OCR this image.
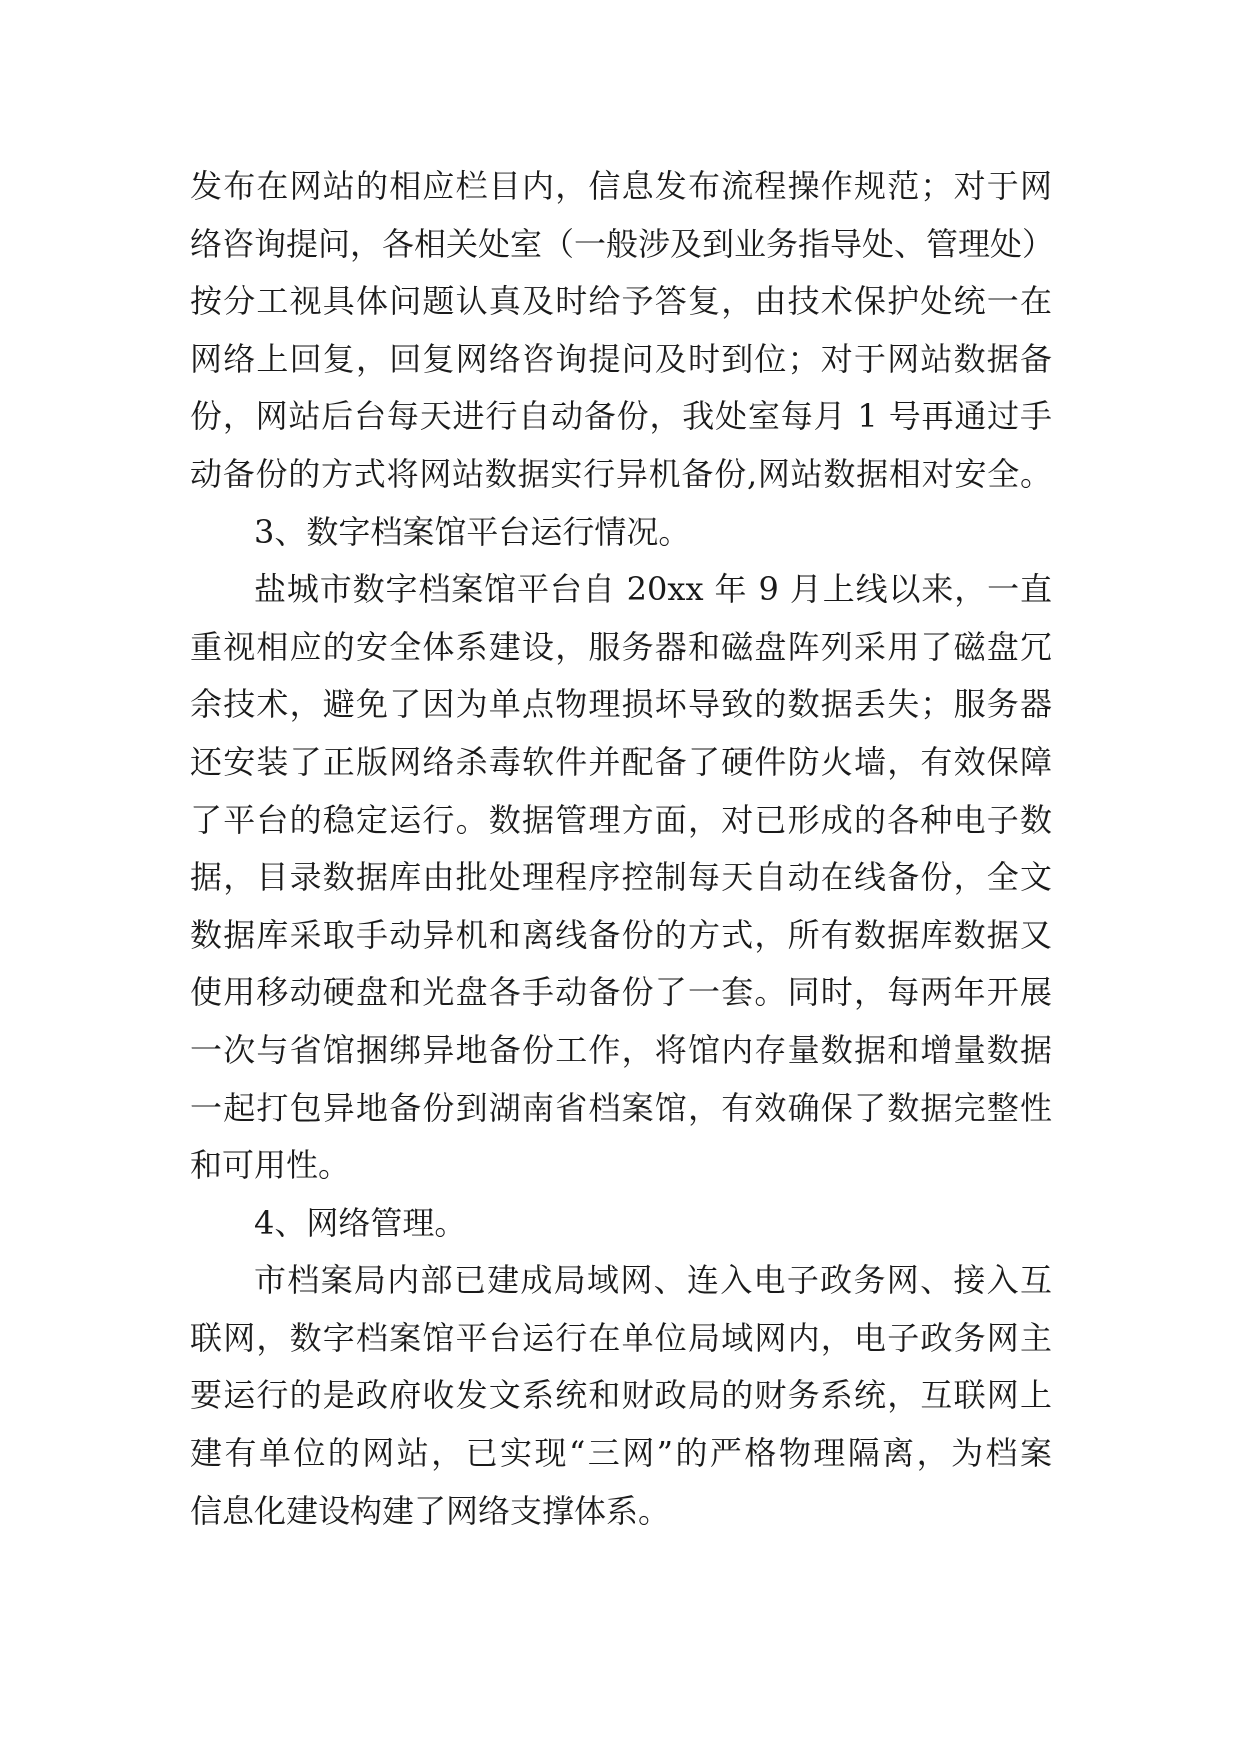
发布在网站的相应栏目内，信息发布流程操作规范；对于网
络咨询提问，各相关处室（一般涉及到业务指导处、管理处）
按分工视具体问题认真及时给予答复，由技术保护处统一在
网络上回复，回复网络咨询提问及时到位；对于网站数据备
份，网站后台每天进行自动备份，我处室每月 1 号再通过手
动备份的方式将网站数据实行异机备份,网站数据相对安全。
3、数字档案馆平台运行情况。
盐城市数字档案馆平台自 20xx 年 9 月上线以来，一直
重视相应的安全体系建设，服务器和磁盘阵列采用了磁盘冗
余技术，避免了因为单点物理损坏导致的数据丢失；服务器
还安装了正版网络杀毒软件并配备了硬件防火墙，有效保障
了平台的稳定运行。数据管理方面，对已形成的各种电子数
据，目录数据库由批处理程序控制每天自动在线备份，全文
数据库采取手动异机和离线备份的方式，所有数据库数据又
使用移动硬盘和光盘各手动备份了一套。同时，每两年开展
一次与省馆捆绑异地备份工作，将馆内存量数据和增量数据
一起打包异地备份到湖南省档案馆，有效确保了数据完整性
和可用性。
4、网络管理。
市档案局内部已建成局域网、连入电子政务网、接入互
联网，数字档案馆平台运行在单位局域网内，电子政务网主
要运行的是政府收发文系统和财政局的财务系统，互联网上
建有单位的网站，已实现“三网”的严格物理隔离，为档案
信息化建设构建了网络支撑体系。
